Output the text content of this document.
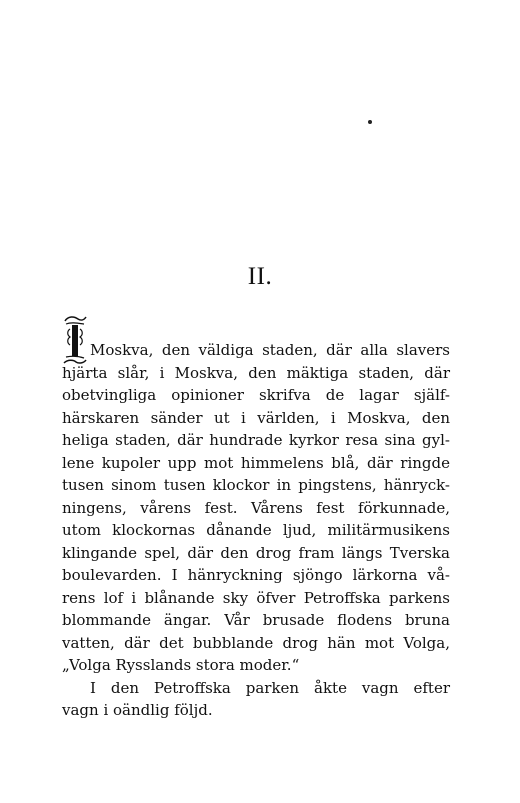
II.
Moskva, den väldiga staden, där alla slavers
hjärta slår, i Moskva, den mäktiga staden, där
obetvingliga opinioner skrifva de lagar själf-
härskaren sänder ut i världen, i Moskva, den
heliga staden, där hundrade kyrkor resa sina gyl-
lene kupoler upp mot himmelens blå, där ringde
tusen sinom tusen klockor in pingstens, hänryck-
ningens, vårens fest. Vårens fest förkunnade,
utom klockornas dånande ljud, militärmusikens
klingande spel, där den drog fram längs Tverska
boulevarden. I hänryckning sjöngo lärkorna vå-
rens lof i blånande sky öfver Petroffska parkens
blommande ängar. Vår brusade flodens bruna
vatten, där det bubblande drog hän mot Volga,
„Volga Rysslands stora moder.“
I den Petroffska parken åkte vagn efter
vagn i oändlig följd.
